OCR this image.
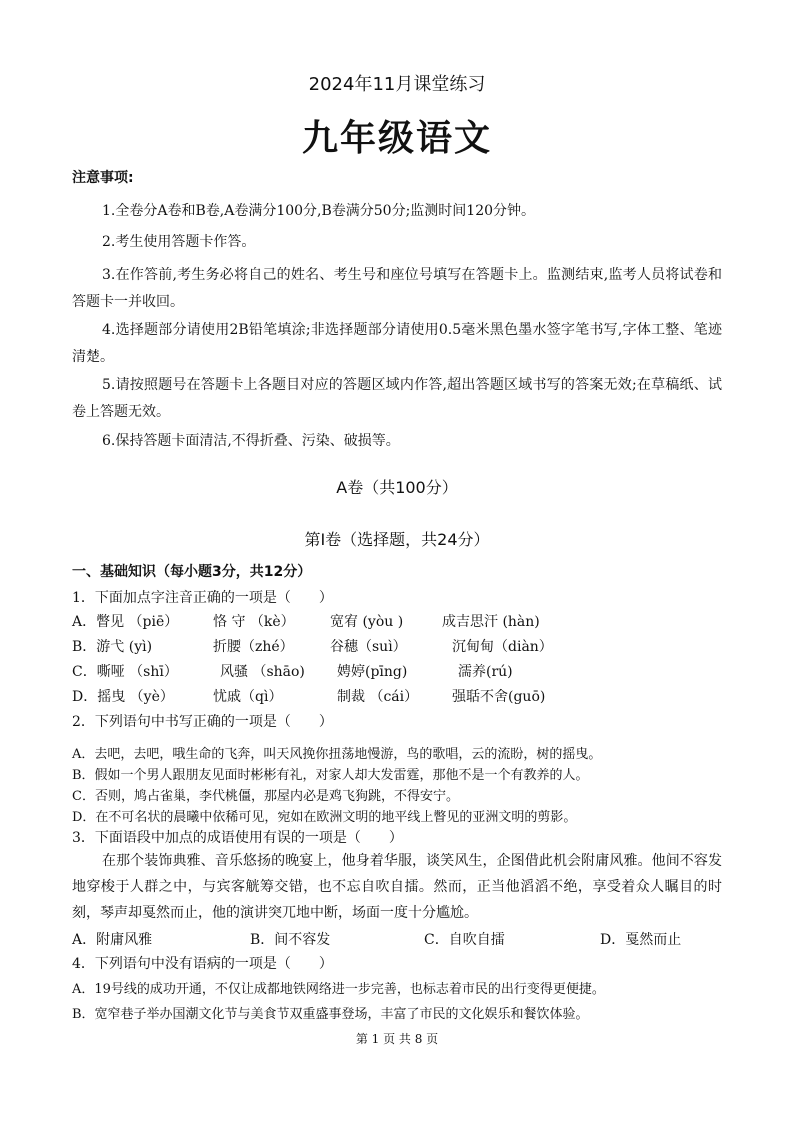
2024年11月课堂练习
九年级语文
注意事项:
1.全卷分A卷和B卷,A卷满分100分,B卷满分50分;监测时间120分钟。
2.考生使用答题卡作答。
3.在作答前,考生务必将自己的姓名、考生号和座位号填写在答题卡上。监测结束,监考人员将试卷和答题卡一并收回。
4.选择题部分请使用2B铅笔填涂;非选择题部分请使用0.5毫米黑色墨水签字笔书写,字体工整、笔迹清楚。
5.请按照题号在答题卡上各题目对应的答题区域内作答,超出答题区域书写的答案无效;在草稿纸、试卷上答题无效。
6.保持答题卡面清洁,不得折叠、污染、破损等。
A卷（共100分）
第Ⅰ卷（选择题，共24分）
一、基础知识（每小题3分，共12分）
1．下面加点字注音正确的一项是（　　）
A．瞥见 （piē） 恪 守 （kè）	宽宥 (yòu )	成吉思汗 (hàn)
B．游弋 (yì)	折腰（zhé）	谷穗（suì）	沉甸甸（diàn）
C．嘶哑 （shī）	风骚 （shāo) 娉婷(pīng)	濡养(rú)
D．摇曳 （yè）	忧戚（qì）	制裁 （cái） 强聒不舍(guō)
2．下列语句中书写正确的一项是（　　）
A．去吧，去吧，哦生命的飞奔，叫天风挽你扭荡地慢游，鸟的歌唱，云的流盼，树的摇曳。
B．假如一个男人跟朋友见面时彬彬有礼，对家人却大发雷霆，那他不是一个有教养的人。
C．否则，鸠占雀巢，李代桃僵，那屋内必是鸡飞狗跳，不得安宁。
D．在不可名状的晨曦中依稀可见，宛如在欧洲文明的地平线上瞥见的亚洲文明的剪影。
3．下面语段中加点的成语使用有误的一项是（　　）
在那个装饰典雅、音乐悠扬的晚宴上，他身着华服，谈笑风生，企图借此机会附庸风雅。他间不容发地穿梭于人群之中，与宾客觥筹交错，也不忘自吹自擂。然而，正当他滔滔不绝，享受着众人瞩目的时刻，琴声却戛然而止，他的演讲突兀地中断，场面一度十分尴尬。
A．附庸风雅	B．间不容发	C．自吹自擂	D．戛然而止
4．下列语句中没有语病的一项是（　　）
A．19号线的成功开通，不仅让成都地铁网络进一步完善，也标志着市民的出行变得更便捷。
B．宽窄巷子举办国潮文化节与美食节双重盛事登场，丰富了市民的文化娱乐和餐饮体验。
第 1 页 共 8 页
